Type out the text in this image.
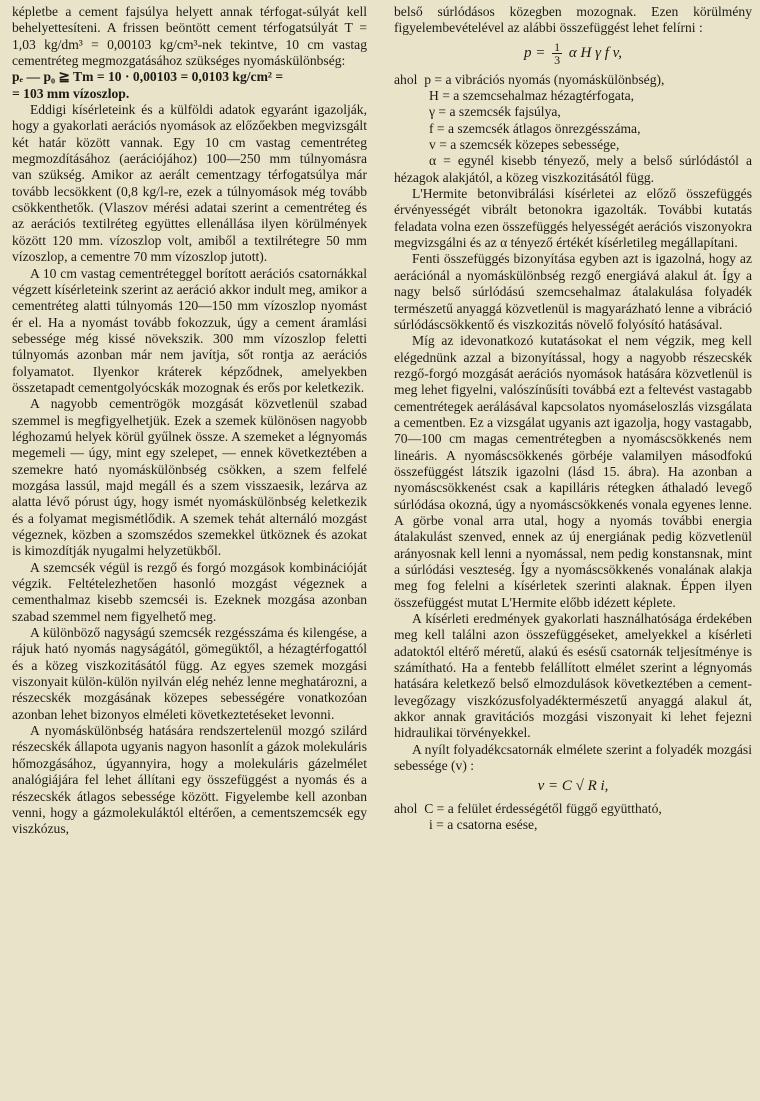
képletbe a cement fajsúlya helyett annak térfogat-súlyát kell behelyettesíteni. A frissen beöntött cement térfogatsúlyát T = 1,03 kg/dm³ = 0,00103 kg/cm³-nek tekintve, 10 cm vastag cementréteg megmozgatásához szükséges nyomáskülönbség:

pₑ — p₀ ≧ Tm = 10 · 0,00103 = 0,0103 kg/cm² =

= 103 mm vízoszlop.

Eddigi kísérleteink és a külföldi adatok egyaránt igazolják, hogy a gyakorlati aerációs nyomások az előzőekben megvizsgált két határ között vannak. Egy 10 cm vastag cementréteg megmozdításához (aerációjához) 100—250 mm túlnyomásra van szükség. Amikor az aerált cementzagy térfogatsúlya már tovább lecsökkent (0,8 kg/l-re, ezek a túlnyomások még tovább csökkenthetők. (Vlaszov mérési adatai szerint a cementréteg és az aerációs textilréteg együttes ellenállása ilyen körülmények között 120 mm. vízoszlop volt, amiből a textilrétegre 50 mm vízoszlop, a cementre 70 mm vízoszlop jutott).

A 10 cm vastag cementréteggel borított aerációs csatornákkal végzett kísérleteink szerint az aeráció akkor indult meg, amikor a cementréteg alatti túlnyomás 120—150 mm vízoszlop nyomást ér el. Ha a nyomást tovább fokozzuk, úgy a cement áramlási sebessége még kissé növekszik. 300 mm vízoszlop feletti túlnyomás azonban már nem javítja, sőt rontja az aerációs folyamatot. Ilyenkor kráterek képződnek, amelyekben összetapadt cementgolyócskák mozognak és erős por keletkezik.

A nagyobb cementrögök mozgását közvetlenül szabad szemmel is megfigyelhetjük. Ezek a szemek különösen nagyobb léghozamú helyek körül gyűlnek össze. A szemeket a légnyomás megemeli — úgy, mint egy szelepet, — ennek következtében a szemekre ható nyomáskülönbség csökken, a szem felfelé mozgása lassúl, majd megáll és a szem visszaesik, lezárva az alatta lévő pórust úgy, hogy ismét nyomáskülönbség keletkezik és a folyamat megismétlődik. A szemek tehát alternáló mozgást végeznek, közben a szomszédos szemekkel ütköznek és azokat is kimozdítják nyugalmi helyzetükből.

A szemcsék végül is rezgő és forgó mozgások kombinációját végzik. Feltételezhetően hasonló mozgást végeznek a cementhalmaz kisebb szemcséi is. Ezeknek mozgása azonban szabad szemmel nem figyelhető meg.

A különböző nagyságú szemcsék rezgésszáma és kilengése, a rájuk ható nyomás nagyságától, gömegüktől, a hézagtérfogattól és a közeg viszkozitásától függ. Az egyes szemek mozgási viszonyait külön-külön nyilván elég nehéz lenne meghatározni, a részecskék mozgásának közepes sebességére vonatkozóan azonban lehet bizonyos elméleti következtetéseket levonni.

A nyomáskülönbség hatására rendszertelenül mozgó szilárd részecskék állapota ugyanis nagyon hasonlít a gázok molekuláris hőmozgásához, úgyannyira, hogy a molekuláris gázelmélet analógiájára fel lehet állítani egy összefüggést a nyomás és a részecskék átlagos sebessége között. Figyelembe kell azonban venni, hogy a gázmolekuláktól eltérően, a cementszemcsék egy viszkózus,

belső súrlódásos közegben mozognak. Ezen körülmény figyelembevételével az alábbi összefüggést lehet felírni :

$p = \frac{1}{3}$ α H γ f v,

ahol p = a vibrációs nyomás (nyomáskülönbség),
H = a szemcsehalmaz hézagtérfogata,
γ = a szemcsék fajsúlya,
f = a szemcsék átlagos önrezgésszáma,
v = a szemcsék közepes sebessége,

α = egynél kisebb tényező, mely a belső súrlódástól a hézagok alakjától, a közeg viszkozitásától függ.

L'Hermite betonvibrálási kísérletei az előző összefüggés érvényességét vibrált betonokra igazolták. További kutatás feladata volna ezen összefüggés helyességét aerációs viszonyokra megvizsgálni és az α tényező értékét kísérletileg megállapítani.

Fenti összefüggés bizonyítása egyben azt is igazolná, hogy az aerációnál a nyomáskülönbség rezgő energiává alakul át. Így a nagy belső súrlódású szemcsehalmaz átalakulása folyadék természetű anyaggá közvetlenül is magyarázható lenne a vibráció súrlódáscsökkentő és viszkozitás növelő folyósító hatásával.

Míg az idevonatkozó kutatásokat el nem végzik, meg kell elégednünk azzal a bizonyítással, hogy a nagyobb részecskék rezgő-forgó mozgását aerációs nyomások hatására közvetlenül is meg lehet figyelni, valószínűsíti továbbá ezt a feltevést vastagabb cementrétegek aerálásával kapcsolatos nyomáseloszlás vizsgálata a cementben. Ez a vizsgálat ugyanis azt igazolja, hogy vastagabb, 70—100 cm magas cementrétegben a nyomáscsökkenés nem lineáris. A nyomáscsökkenés görbéje valamilyen másodfokú összefüggést látszik igazolni (lásd 15. ábra). Ha azonban a nyomáscsökkenést csak a kapilláris rétegken áthaladó levegő súrlódása okozná, úgy a nyomáscsökkenés vonala egyenes lenne. A görbe vonal arra utal, hogy a nyomás további energia átalakulást szenved, ennek az új energiának pedig közvetlenül arányosnak kell lenni a nyomással, nem pedig konstansnak, mint a súrlódási veszteség. Így a nyomáscsökkenés vonalának alakja meg fog felelni a kísérletek szerinti alaknak. Éppen ilyen összefüggést mutat L'Hermite előbb idézett képlete.

A kísérleti eredmények gyakorlati használhatósága érdekében meg kell találni azon összefüggéseket, amelyekkel a kísérleti adatoktól eltérő méretű, alakú és esésű csatornák teljesítménye is számítható. Ha a fentebb felállított elmélet szerint a légnyomás hatására keletkező belső elmozdulások következtében a cement-levegőzagy viszkózusfolyadéktermészetű anyaggá alakul át, akkor annak gravitációs mozgási viszonyait ki lehet fejezni hidraulikai törvényekkel.

A nyílt folyadékcsatornák elmélete szerint a folyadék mozgási sebessége (v) :

v = C √ R i,

ahol C = a felület érdességétől függő együttható,
i = a csatorna esése,
